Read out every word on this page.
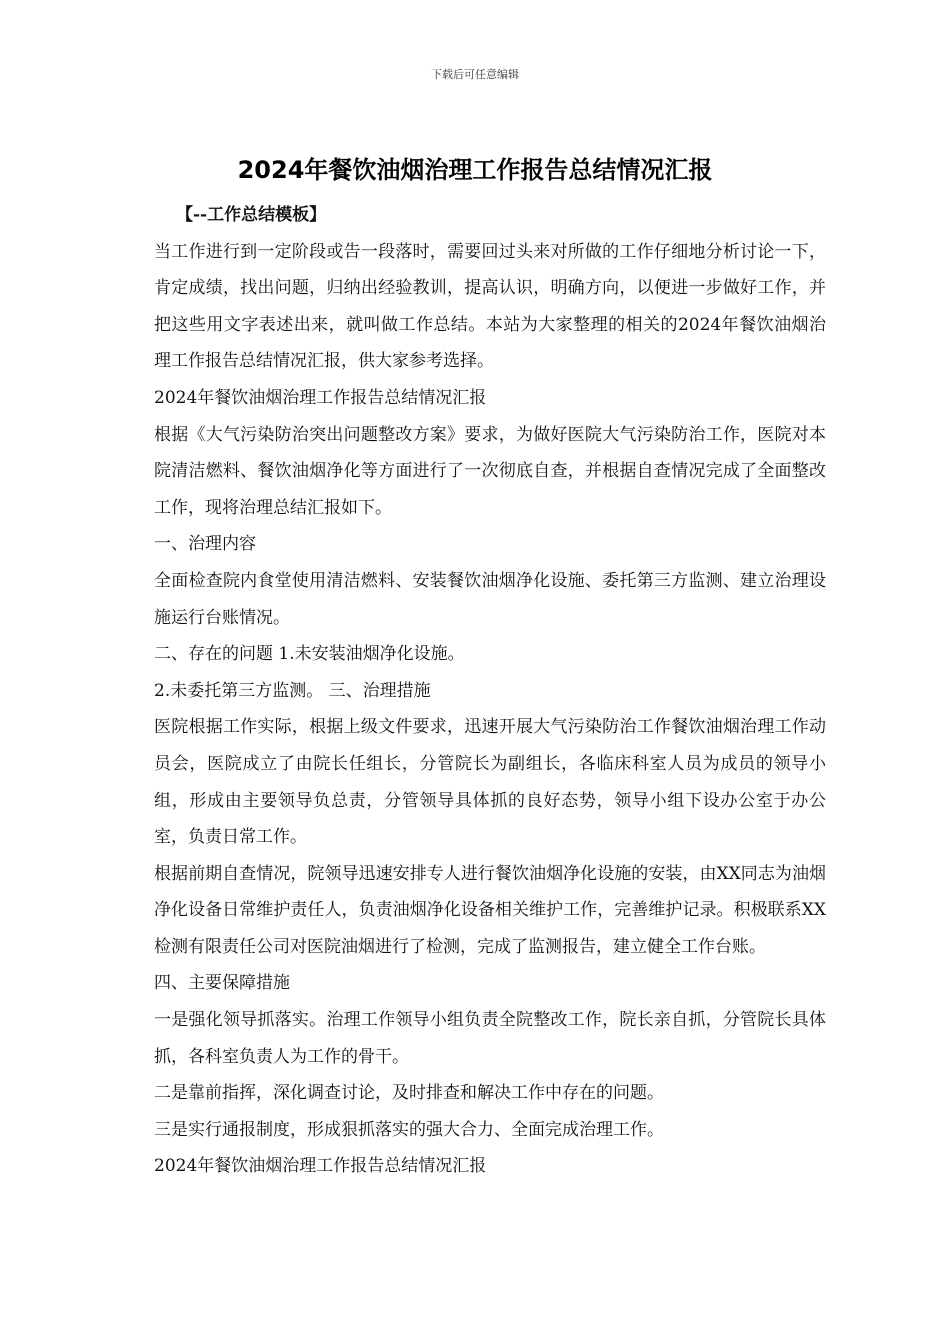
下载后可任意编辑
2024年餐饮油烟治理工作报告总结情况汇报

【--工作总结模板】

当工作进行到一定阶段或告一段落时，需要回过头来对所做的工作仔细地分析讨论一下，肯定成绩，找出问题，归纳出经验教训，提高认识，明确方向，以便进一步做好工作，并把这些用文字表述出来，就叫做工作总结。本站为大家整理的相关的2024年餐饮油烟治理工作报告总结情况汇报，供大家参考选择。

2024年餐饮油烟治理工作报告总结情况汇报

根据《大气污染防治突出问题整改方案》要求，为做好医院大气污染防治工作，医院对本院清洁燃料、餐饮油烟净化等方面进行了一次彻底自查，并根据自查情况完成了全面整改工作，现将治理总结汇报如下。

一、治理内容

全面检查院内食堂使用清洁燃料、安装餐饮油烟净化设施、委托第三方监测、建立治理设施运行台账情况。

二、存在的问题 1.未安装油烟净化设施。

2.未委托第三方监测。 三、治理措施

医院根据工作实际，根据上级文件要求，迅速开展大气污染防治工作餐饮油烟治理工作动员会，医院成立了由院长任组长，分管院长为副组长，各临床科室人员为成员的领导小组，形成由主要领导负总责，分管领导具体抓的良好态势，领导小组下设办公室于办公室，负责日常工作。

根据前期自查情况，院领导迅速安排专人进行餐饮油烟净化设施的安装，由XX同志为油烟净化设备日常维护责任人，负责油烟净化设备相关维护工作，完善维护记录。积极联系XX检测有限责任公司对医院油烟进行了检测，完成了监测报告，建立健全工作台账。

四、主要保障措施

一是强化领导抓落实。治理工作领导小组负责全院整改工作，院长亲自抓，分管院长具体抓，各科室负责人为工作的骨干。

二是靠前指挥，深化调查讨论，及时排查和解决工作中存在的问题。

三是实行通报制度，形成狠抓落实的强大合力、全面完成治理工作。

2024年餐饮油烟治理工作报告总结情况汇报
